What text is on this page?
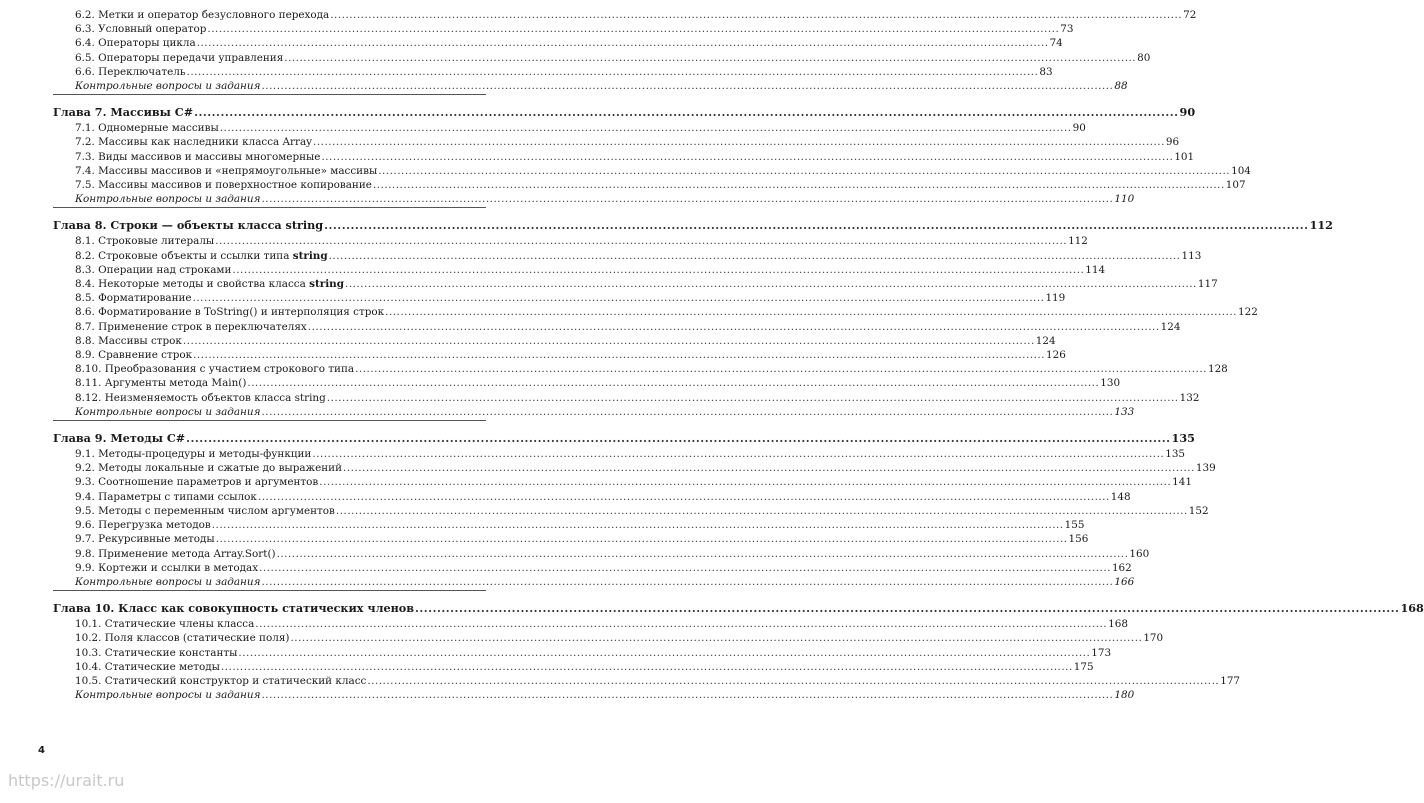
6.2. Метки и оператор безусловного перехода .....	72
6.3. Условный оператор .....	73
6.4. Операторы цикла .....	74
6.5. Операторы передачи управления .....	80
6.6. Переключатель .....	83
Контрольные вопросы и задания .....	88
Глава 7. Массивы C# .....	90
7.1. Одномерные массивы .....	90
7.2. Массивы как наследники класса Array .....	96
7.3. Виды массивов и массивы многомерные .....	101
7.4. Массивы массивов и «непрямоугольные» массивы .....	104
7.5. Массивы массивов и поверхностное копирование .....	107
Контрольные вопросы и задания .....	110
Глава 8. Строки — объекты класса string .....	112
8.1. Строковые литералы .....	112
8.2. Строковые объекты и ссылки типа string .....	113
8.3. Операции над строками .....	114
8.4. Некоторые методы и свойства класса string .....	117
8.5. Форматирование .....	119
8.6. Форматирование в ToString() и интерполяция строк .....	122
8.7. Применение строк в переключателях .....	124
8.8. Массивы строк .....	124
8.9. Сравнение строк .....	126
8.10. Преобразования с участием строкового типа .....	128
8.11. Аргументы метода Main() .....	130
8.12. Неизменяемость объектов класса string .....	132
Контрольные вопросы и задания .....	133
Глава 9. Методы C# .....	135
9.1. Методы-процедуры и методы-функции .....	135
9.2. Методы локальные и сжатые до выражений .....	139
9.3. Соотношение параметров и аргументов .....	141
9.4. Параметры с типами ссылок .....	148
9.5. Методы с переменным числом аргументов .....	152
9.6. Перегрузка методов .....	155
9.7. Рекурсивные методы .....	156
9.8. Применение метода Array.Sort() .....	160
9.9. Кортежи и ссылки в методах .....	162
Контрольные вопросы и задания .....	166
Глава 10. Класс как совокупность статических членов .....	168
10.1. Статические члены класса .....	168
10.2. Поля классов (статические поля) .....	170
10.3. Статические константы .....	173
10.4. Статические методы .....	175
10.5. Статический конструктор и статический класс .....	177
Контрольные вопросы и задания .....	180
4
https://urait.ru
